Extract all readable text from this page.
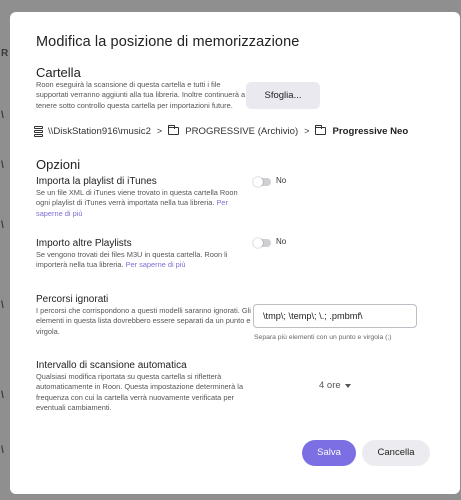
R
\
\
\
\
\
\
Modifica la posizione di memorizzazione
Cartella
Roon eseguirà la scansione di questa cartella e tutti i file supportati verranno aggiunti alla tua libreria. Inoltre continuerà a tenere sotto controllo questa cartella per importazioni future.
Sfoglia...
\\DiskStation916\music2 > PROGRESSIVE (Archivio) > Progressive Neo
Opzioni
Importa la playlist di iTunes
Se un file XML di iTunes viene trovato in questa cartella Roon ogni playlist di iTunes verrà importata nella tua libreria. Per saperne di più
No
Importo altre Playlists
Se vengono trovati dei files M3U in questa cartella. Roon li importerà nella tua libreria. Per saperne di più
No
Percorsi ignorati
I percorsi che corrispondono a questi modelli saranno ignorati. Gli elementi in questa lista dovrebbero essere separati da un punto e virgola.
\tmp\; \temp\; \.; .pmbmf\
Separa più elementi con un punto e virgola (;)
Intervallo di scansione automatica
Qualsiasi modifica riportata su questa cartella si rifletterà automaticamente in Roon. Questa impostazione determinerà la frequenza con cui la cartella verrà nuovamente verificata per eventuali cambiamenti.
4 ore
Salva	Cancella
